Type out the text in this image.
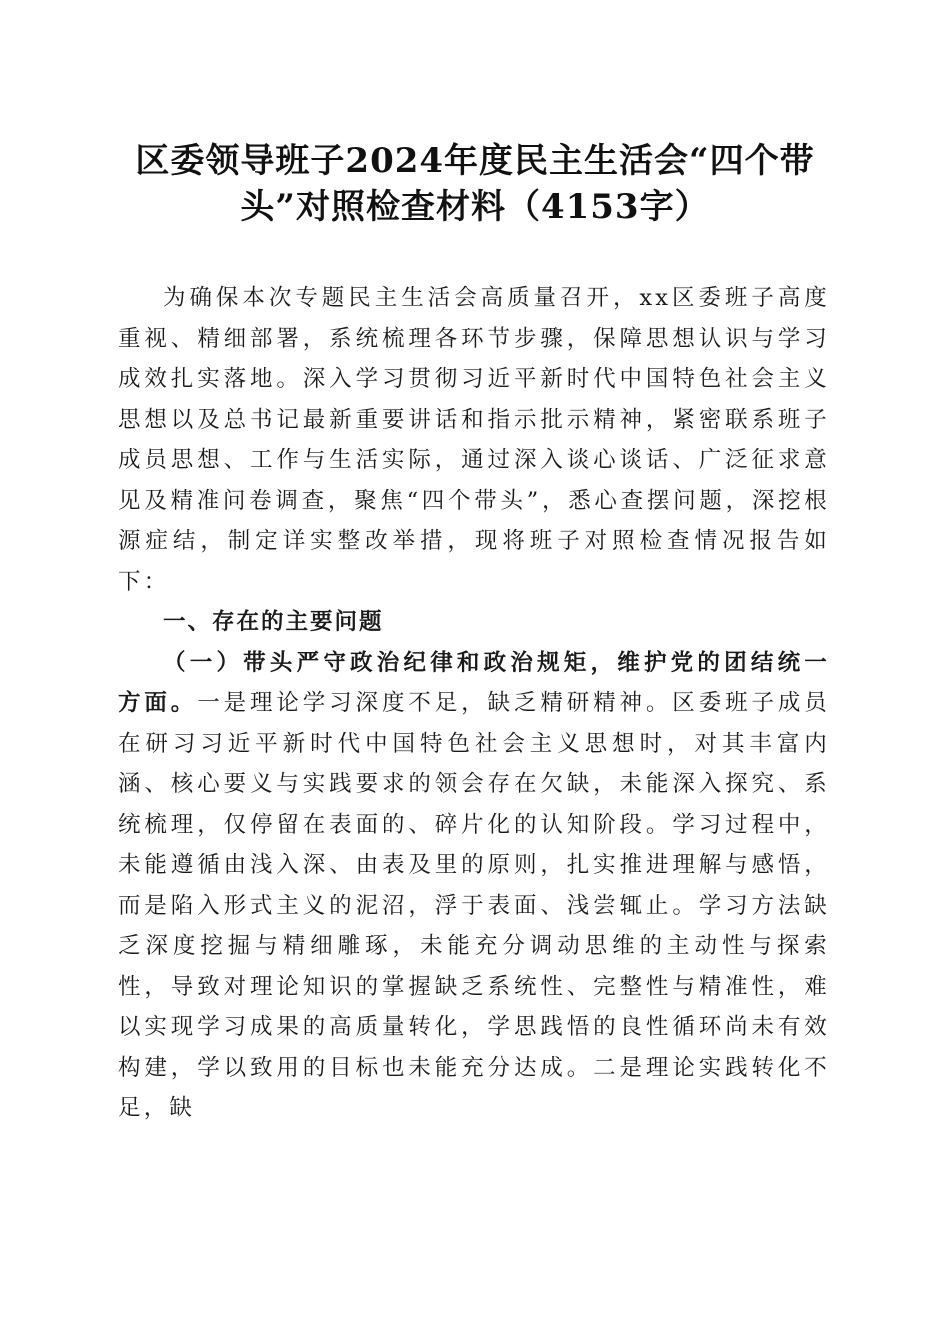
区委领导班子2024年度民主生活会“四个带头”对照检查材料（4153字）

为确保本次专题民主生活会高质量召开，xx区委班子高度重视、精细部署，系统梳理各环节步骤，保障思想认识与学习成效扎实落地。深入学习贯彻习近平新时代中国特色社会主义思想以及总书记最新重要讲话和指示批示精神，紧密联系班子成员思想、工作与生活实际，通过深入谈心谈话、广泛征求意见及精准问卷调查，聚焦“四个带头”，悉心查摆问题，深挖根源症结，制定详实整改举措，现将班子对照检查情况报告如下：

一、存在的主要问题

（一）带头严守政治纪律和政治规矩，维护党的团结统一方面。一是理论学习深度不足，缺乏精研精神。区委班子成员在研习习近平新时代中国特色社会主义思想时，对其丰富内涵、核心要义与实践要求的领会存在欠缺，未能深入探究、系统梳理，仅停留在表面的、碎片化的认知阶段。学习过程中，未能遵循由浅入深、由表及里的原则，扎实推进理解与感悟，而是陷入形式主义的泥沼，浮于表面、浅尝辄止。学习方法缺乏深度挖掘与精细雕琢，未能充分调动思维的主动性与探索性，导致对理论知识的掌握缺乏系统性、完整性与精准性，难以实现学习成果的高质量转化，学思践悟的良性循环尚未有效构建，学以致用的目标也未能充分达成。二是理论实践转化不足，缺
